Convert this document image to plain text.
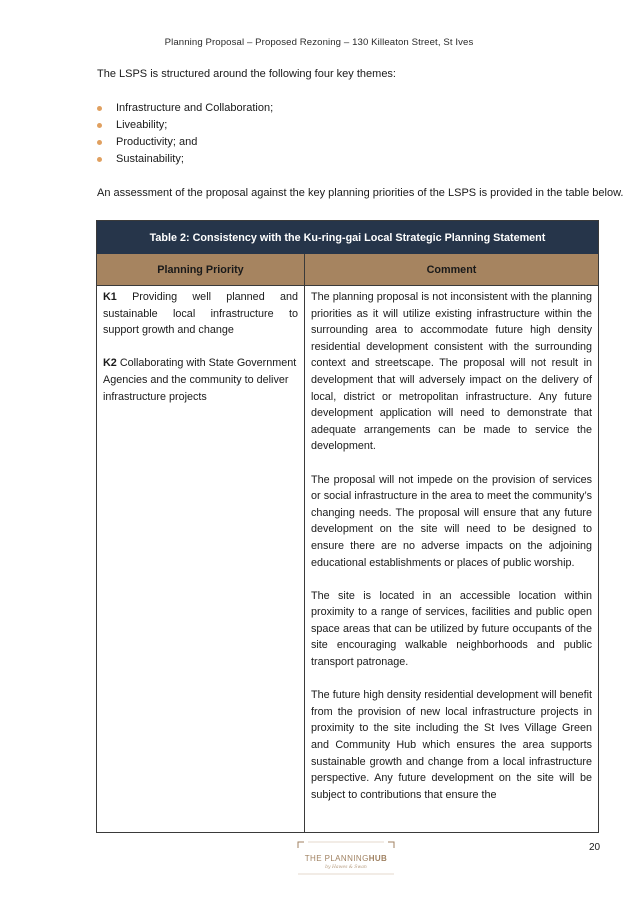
Planning Proposal – Proposed Rezoning – 130 Killeaton Street, St Ives
The LSPS is structured around the following four key themes:
Infrastructure and Collaboration;
Liveability;
Productivity; and
Sustainability;
An assessment of the proposal against the key planning priorities of the LSPS is provided in the table below.
Table 2: Consistency with the Ku-ring-gai Local Strategic Planning Statement
Planning Priority	Comment

K1 Providing well planned and sustainable local infrastructure to support growth and change

K2 Collaborating with State Government Agencies and the community to deliver infrastructure projects

The planning proposal is not inconsistent with the planning priorities as it will utilize existing infrastructure within the surrounding area to accommodate future high density residential development consistent with the surrounding context and streetscape. The proposal will not result in development that will adversely impact on the delivery of local, district or metropolitan infrastructure. Any future development application will need to demonstrate that adequate arrangements can be made to service the development.

The proposal will not impede on the provision of services or social infrastructure in the area to meet the community’s changing needs. The proposal will ensure that any future development on the site will need to be designed to ensure there are no adverse impacts on the adjoining educational establishments or places of public worship.

The site is located in an accessible location within proximity to a range of services, facilities and public open space areas that can be utilized by future occupants of the site encouraging walkable neighborhoods and public transport patronage.

The future high density residential development will benefit from the provision of new local infrastructure projects in proximity to the site including the St Ives Village Green and Community Hub which ensures the area supports sustainable growth and change from a local infrastructure perspective. Any future development on the site will be subject to contributions that ensure the

THE PLANNINGHUB
by Hawes & Swan
20
